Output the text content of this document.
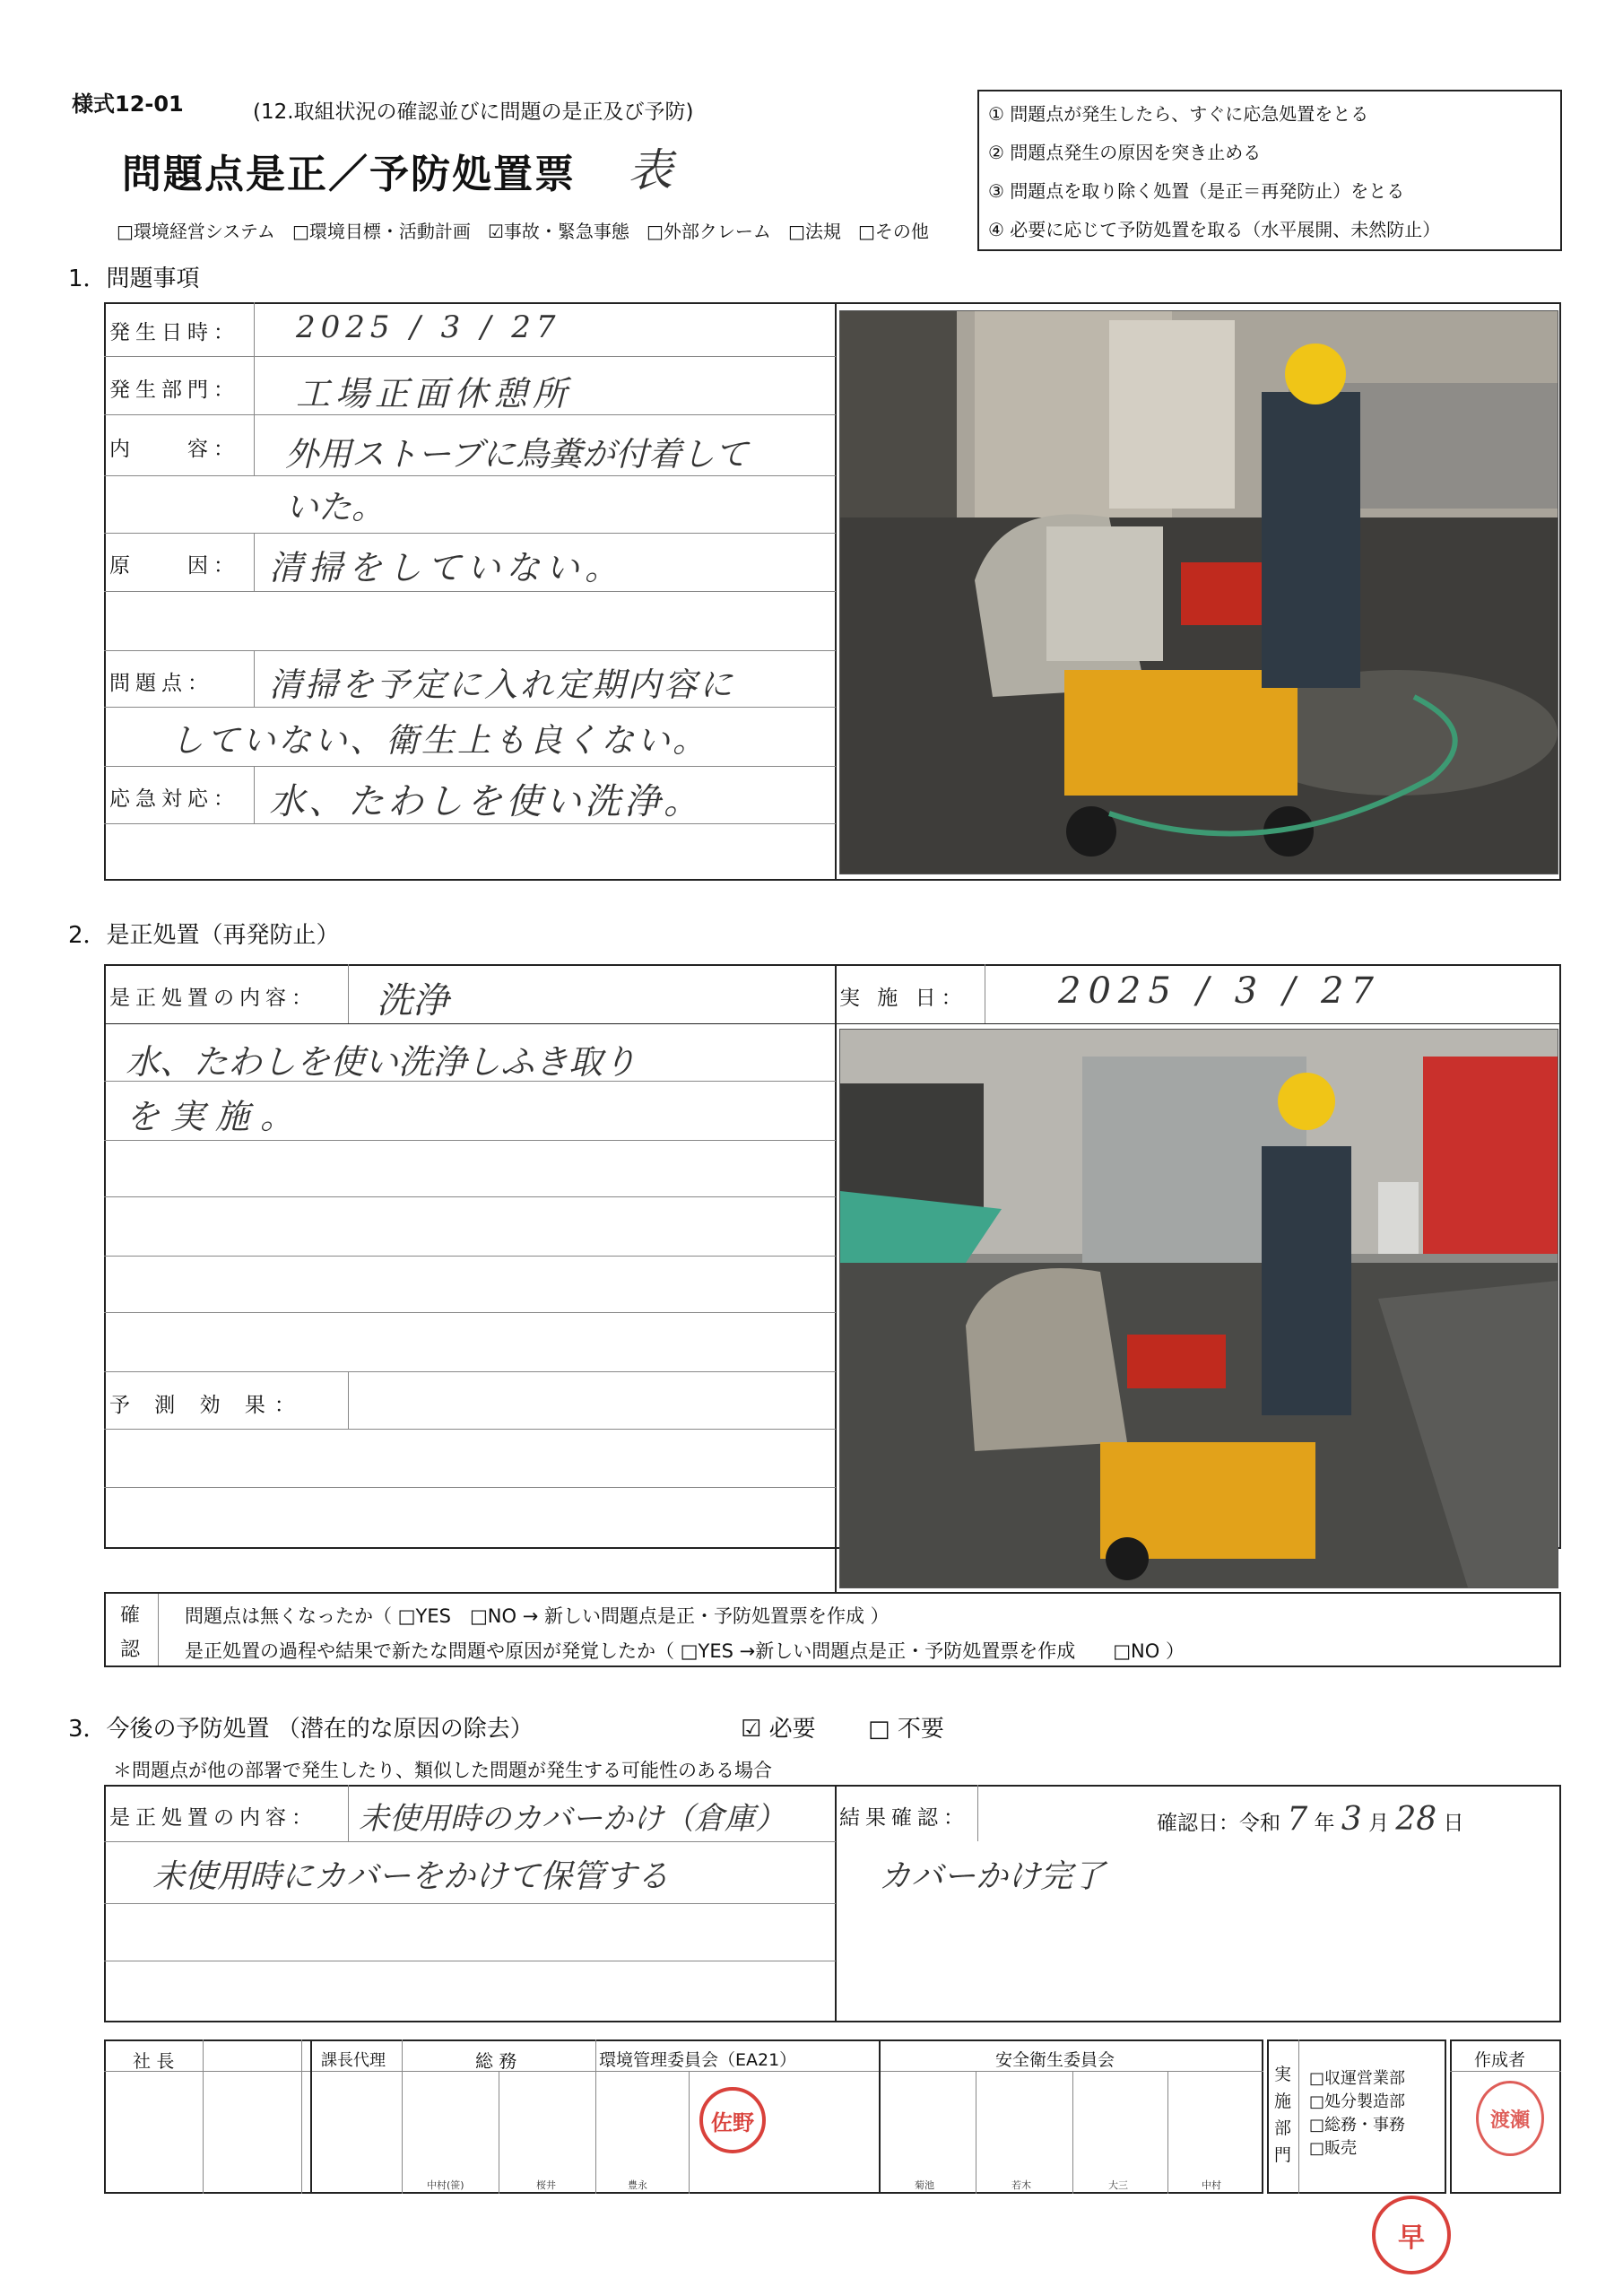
様式12-01	(12.取組状況の確認並びに問題の是正及び予防)
問題点是正／予防処置票 表
① 問題点が発生したら、すぐに応急処置をとる
② 問題点発生の原因を突き止める
③ 問題点を取り除く処置（是正＝再発防止）をとる
④ 必要に応じて予防処置を取る（水平展開、未然防止）
□環境経営システム □環境目標・活動計画 ☑事故・緊急事態 □外部クレーム □法規 □その他
1．問題事項
発生日時： 2025 / 3 / 27
発生部門： 工場正面休憩所
内　　容： 外用ストーブに鳥糞が付着して
いた。
原　　因： 清掃をしていない。
問題点： 清掃を予定に入れ定期内容に
していない、衛生上も良くない。
応急対応： 水、たわしを使い洗浄。
2．是正処置（再発防止）
是正処置の内容： 洗浄	実 施 日：	2025 / 3 / 27
水、たわしを使い洗浄しふき取り
を実施。
予 測 効 果：
確
認
問題点は無くなったか（ □YES　□NO → 新しい問題点是正・予防処置票を作成 ）
是正処置の過程や結果で新たな問題や原因が発覚したか（ □YES →新しい問題点是正・予防処置票を作成　　□NO ）
3．今後の予防処置 （潜在的な原因の除去）	☑ 必要 □ 不要
＊問題点が他の部署で発生したり、類似した問題が発生する可能性のある場合
是正処置の内容： 未使用時のカバーかけ（倉庫）	結果確認：	確認日：令和 7 年 3 月 28 日
未使用時にカバーをかけて保管する	カバーかけ完了
社 長	課長代理	総 務	環境管理委員会（EA21）	安全衛生委員会
中村(笹)	桜井	豊永	菊池	若木	大三	中村
佐野
実
施
部
門
□収運営業部
□処分製造部
□総務・事務
□販売
作成者
渡瀬
早
